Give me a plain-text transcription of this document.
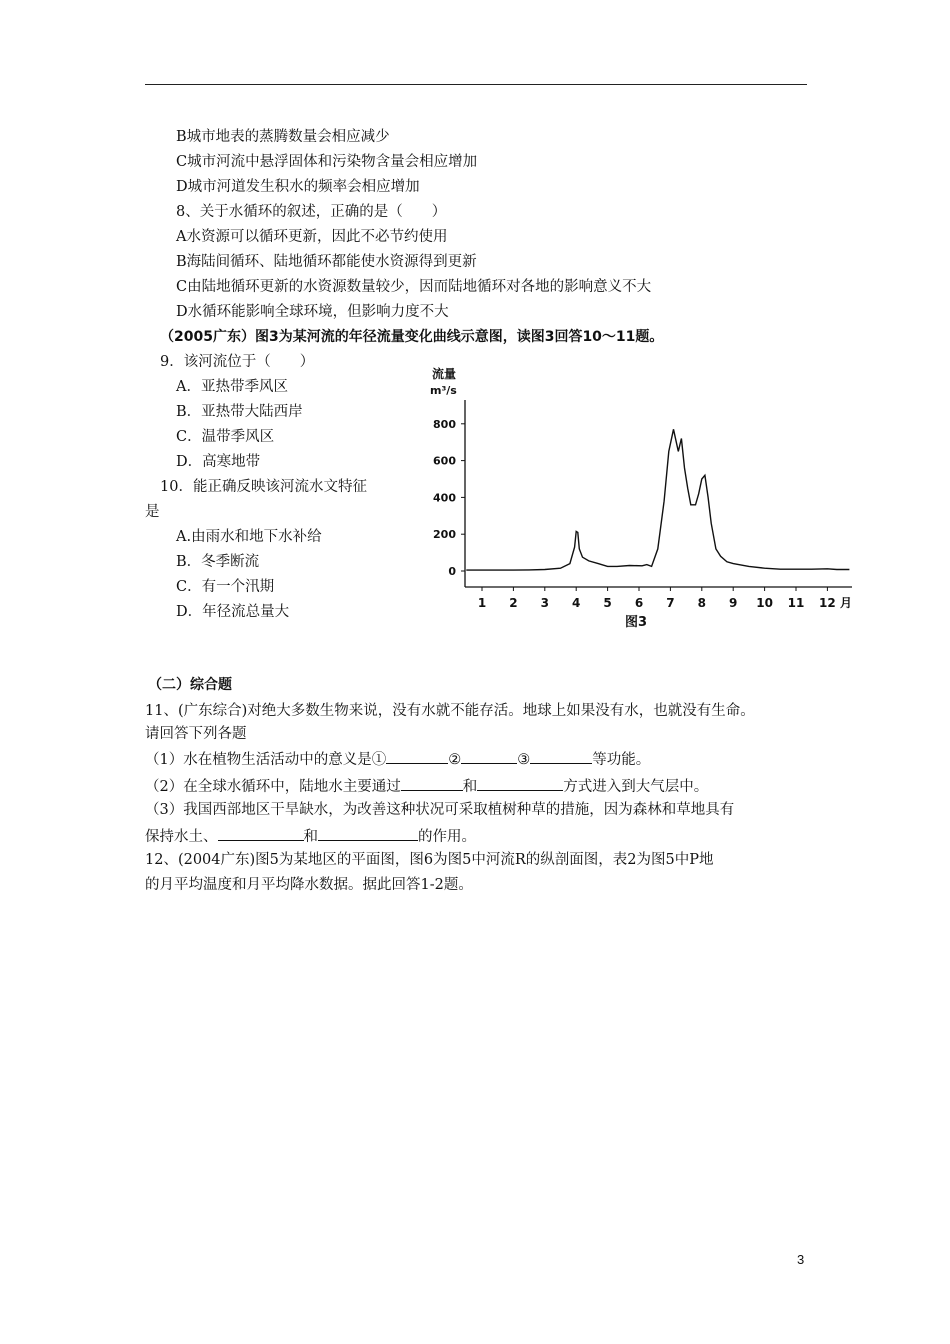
B城市地表的蒸腾数量会相应减少
C城市河流中悬浮固体和污染物含量会相应增加
D城市河道发生积水的频率会相应增加
8、关于水循环的叙述，正确的是（　　）
A水资源可以循环更新，因此不必节约使用
B海陆间循环、陆地循环都能使水资源得到更新
C由陆地循环更新的水资源数量较少，因而陆地循环对各地的影响意义不大
D水循环能影响全球环境，但影响力度不大
（2005广东）图3为某河流的年径流量变化曲线示意图，读图3回答10～11题。
9．该河流位于（　　）
A．亚热带季风区
B．亚热带大陆西岸
C．温带季风区
D．高寒地带
10．能正确反映该河流水文特征
是
A.由雨水和地下水补给
B．冬季断流
C．有一个汛期
D．年径流总量大
流量
m³/s
0
200
400
600
800
1 2 3 4 5 6 7 8 9 10 11 12 月
图3
（二）综合题
11、(广东综合)对绝大多数生物来说，没有水就不能存活。地球上如果没有水，也就没有生命。
请回答下列各题
（1）水在植物生活活动中的意义是①	②	③	等功能。
（2）在全球水循环中，陆地水主要通过	和	方式进入到大气层中。
（3）我国西部地区干旱缺水，为改善这种状况可采取植树种草的措施，因为森林和草地具有
保持水土、	和	的作用。
12、(2004广东)图5为某地区的平面图，图6为图5中河流R的纵剖面图，表2为图5中P地
的月平均温度和月平均降水数据。据此回答1-2题。
3
